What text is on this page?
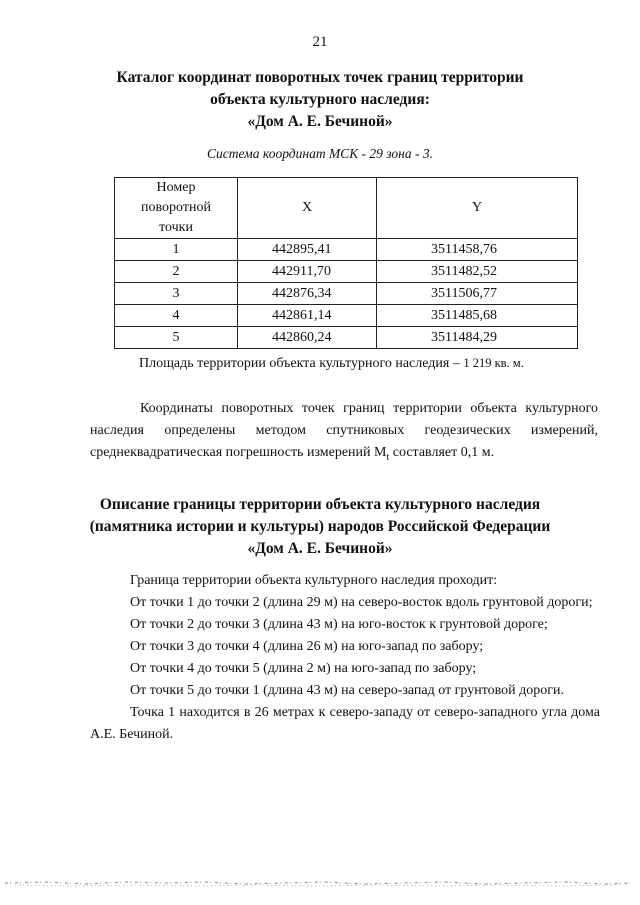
21
Каталог координат поворотных точек границ территории
объекта культурного наследия:
«Дом А. Е. Бечиной»
Система координат МСК - 29 зона - 3.
Номер
поворотной
точки	X	Y
1	442895,41	3511458,76
2	442911,70	3511482,52
3	442876,34	3511506,77
4	442861,14	3511485,68
5	442860,24	3511484,29
Площадь территории объекта культурного наследия – 1 219 кв. м.
Координаты поворотных точек границ территории объекта культурного наследия определены методом спутниковых геодезических измерений, среднеквадратическая погрешность измерений $M_t$ составляет 0,1 м.
Описание границы территории объекта культурного наследия
(памятника истории и культуры) народов Российской Федерации
«Дом А. Е. Бечиной»

Граница территории объекта культурного наследия проходит:

От точки 1 до точки 2 (длина 29 м) на северо-восток вдоль грунтовой дороги;

От точки 2 до точки 3 (длина 43 м) на юго-восток к грунтовой дороге;

От точки 3 до точки 4 (длина 26 м) на юго-запад по забору;

От точки 4 до точки 5 (длина 2 м) на юго-запад по забору;

От точки 5 до точки 1 (длина 43 м) на северо-запад от грунтовой дороги.

Точка 1 находится в 26 метрах к северо-западу от северо-западного угла дома А.Е. Бечиной.
